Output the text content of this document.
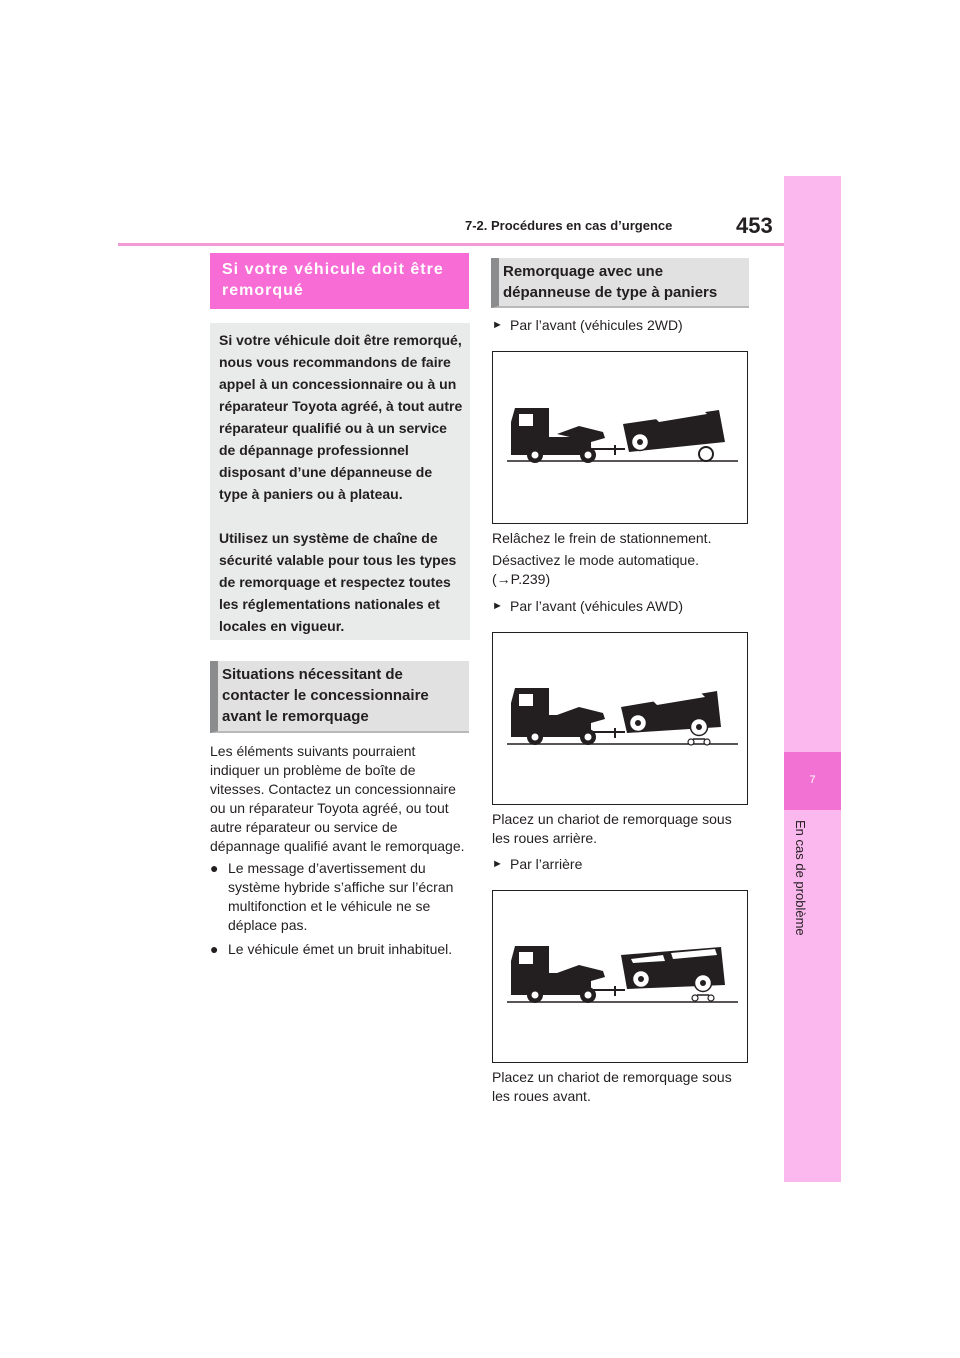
7-2. Procédures en cas d’urgence	453
7
En cas de problème
Si votre véhicule doit être remorqué

Si votre véhicule doit être remorqué, nous vous recommandons de faire appel à un concessionnaire ou à un réparateur Toyota agréé, à tout autre réparateur qualifié ou à un service de dépannage professionnel disposant d’une dépanneuse de type à paniers ou à plateau.

Utilisez un système de chaîne de sécurité valable pour tous les types de remorquage et respectez toutes les réglementations nationales et locales en vigueur.

Situations nécessitant de contacter le concessionnaire avant le remorquage

Les éléments suivants pourraient indiquer un problème de boîte de vitesses. Contactez un concessionnaire ou un réparateur Toyota agréé, ou tout autre réparateur ou service de dépannage qualifié avant le remorquage.

● Le message d’avertissement du système hybride s’affiche sur l’écran multifonction et le véhicule ne se déplace pas.
● Le véhicule émet un bruit inhabituel.
Remorquage avec une dépanneuse de type à paniers
► Par l’avant (véhicules 2WD)

Relâchez le frein de stationnement.

Désactivez le mode automatique. (→P.239)

► Par l’avant (véhicules AWD)

Placez un chariot de remorquage sous les roues arrière.

► Par l’arrière

Placez un chariot de remorquage sous les roues avant.
